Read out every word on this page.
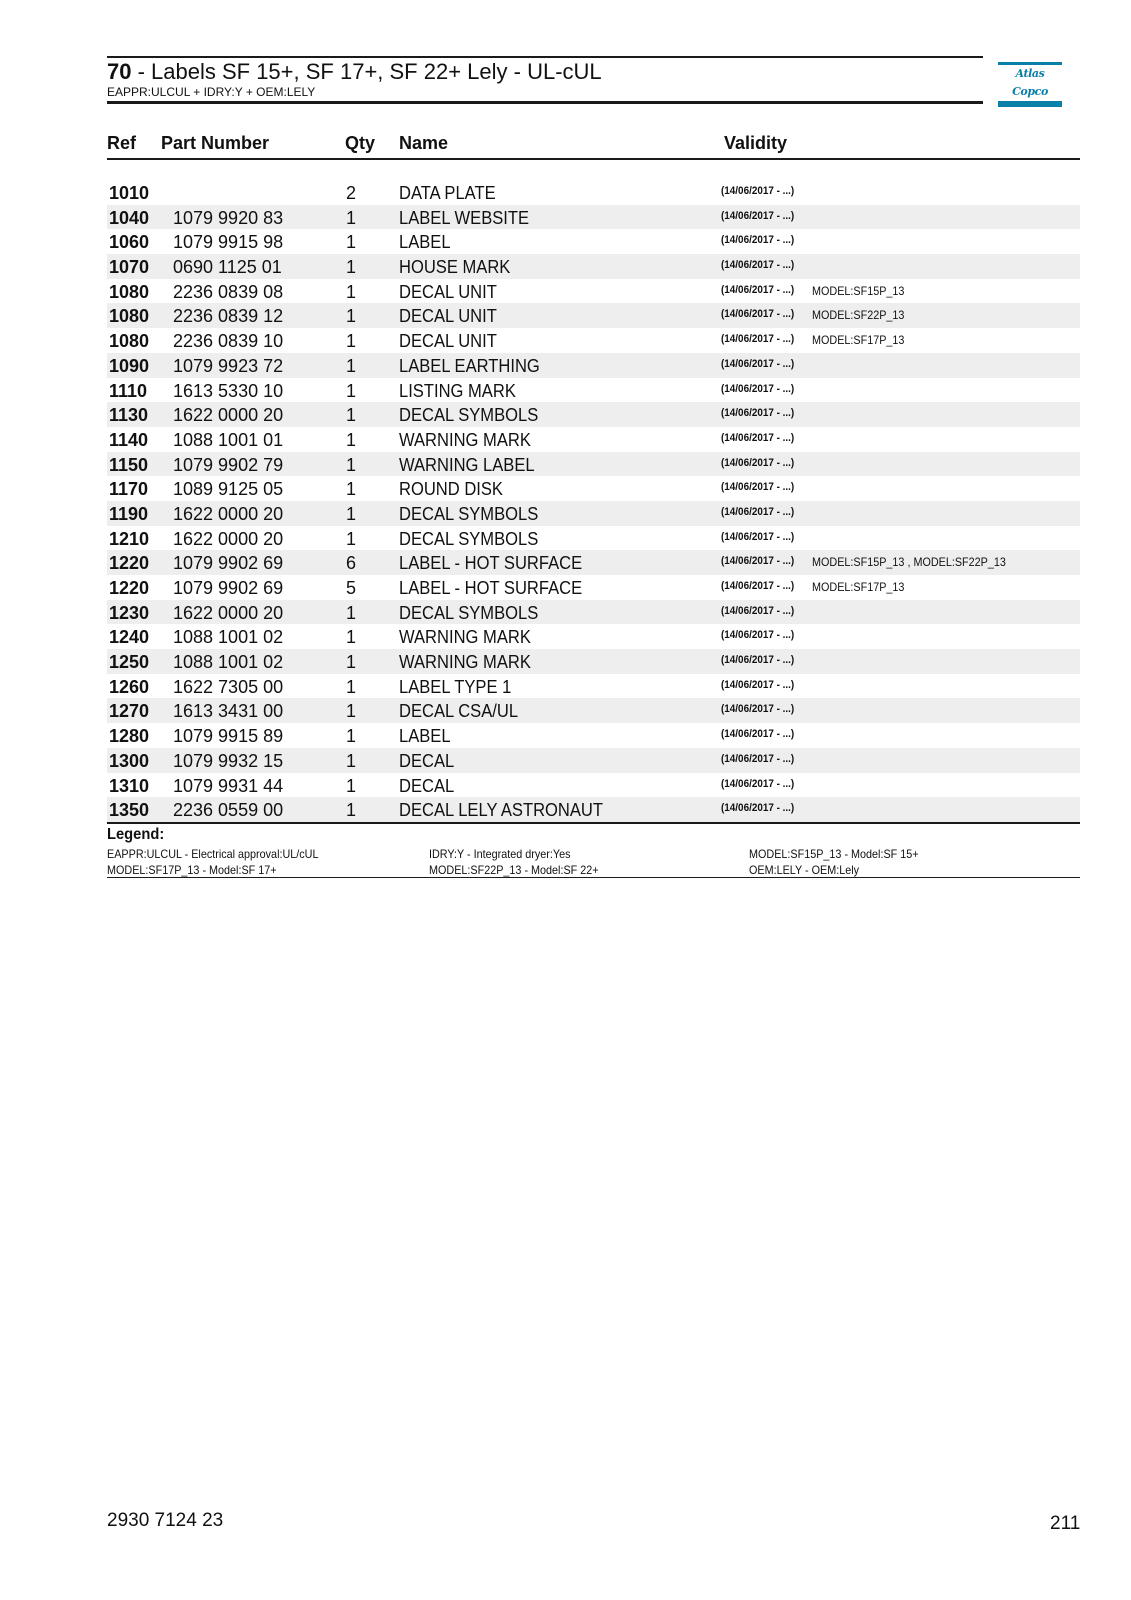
70 - Labels SF 15+, SF 17+, SF 22+ Lely - UL-cUL
EAPPR:ULCUL + IDRY:Y + OEM:LELY
Atlas Copco
Ref Part Number	Qty Name	Validity
1010	2 DATA PLATE	(14/06/2017 - ...)
1040 1079 9920 83	1 LABEL WEBSITE	(14/06/2017 - ...)
1060 1079 9915 98	1 LABEL	(14/06/2017 - ...)
1070 0690 1125 01	1 HOUSE MARK	(14/06/2017 - ...)
1080 2236 0839 08	1 DECAL UNIT	(14/06/2017 - ...) MODEL:SF15P_13
1080 2236 0839 12	1 DECAL UNIT	(14/06/2017 - ...) MODEL:SF22P_13
1080 2236 0839 10	1 DECAL UNIT	(14/06/2017 - ...) MODEL:SF17P_13
1090 1079 9923 72	1 LABEL EARTHING	(14/06/2017 - ...)
1110 1613 5330 10	1 LISTING MARK	(14/06/2017 - ...)
1130 1622 0000 20	1 DECAL SYMBOLS	(14/06/2017 - ...)
1140 1088 1001 01	1 WARNING MARK	(14/06/2017 - ...)
1150 1079 9902 79	1 WARNING LABEL	(14/06/2017 - ...)
1170 1089 9125 05	1 ROUND DISK	(14/06/2017 - ...)
1190 1622 0000 20	1 DECAL SYMBOLS	(14/06/2017 - ...)
1210 1622 0000 20	1 DECAL SYMBOLS	(14/06/2017 - ...)
1220 1079 9902 69	6 LABEL - HOT SURFACE	(14/06/2017 - ...) MODEL:SF15P_13 , MODEL:SF22P_13
1220 1079 9902 69	5 LABEL - HOT SURFACE	(14/06/2017 - ...) MODEL:SF17P_13
1230 1622 0000 20	1 DECAL SYMBOLS	(14/06/2017 - ...)
1240 1088 1001 02	1 WARNING MARK	(14/06/2017 - ...)
1250 1088 1001 02	1 WARNING MARK	(14/06/2017 - ...)
1260 1622 7305 00	1 LABEL TYPE 1	(14/06/2017 - ...)
1270 1613 3431 00	1 DECAL CSA/UL	(14/06/2017 - ...)
1280 1079 9915 89	1 LABEL	(14/06/2017 - ...)
1300 1079 9932 15	1 DECAL	(14/06/2017 - ...)
1310 1079 9931 44	1 DECAL	(14/06/2017 - ...)
1350 2236 0559 00	1 DECAL LELY ASTRONAUT	(14/06/2017 - ...)
Legend:
EAPPR:ULCUL - Electrical approval:UL/cUL	IDRY:Y - Integrated dryer:Yes	MODEL:SF15P_13 - Model:SF 15+
MODEL:SF17P_13 - Model:SF 17+	MODEL:SF22P_13 - Model:SF 22+	OEM:LELY - OEM:Lely
2930 7124 23	211
